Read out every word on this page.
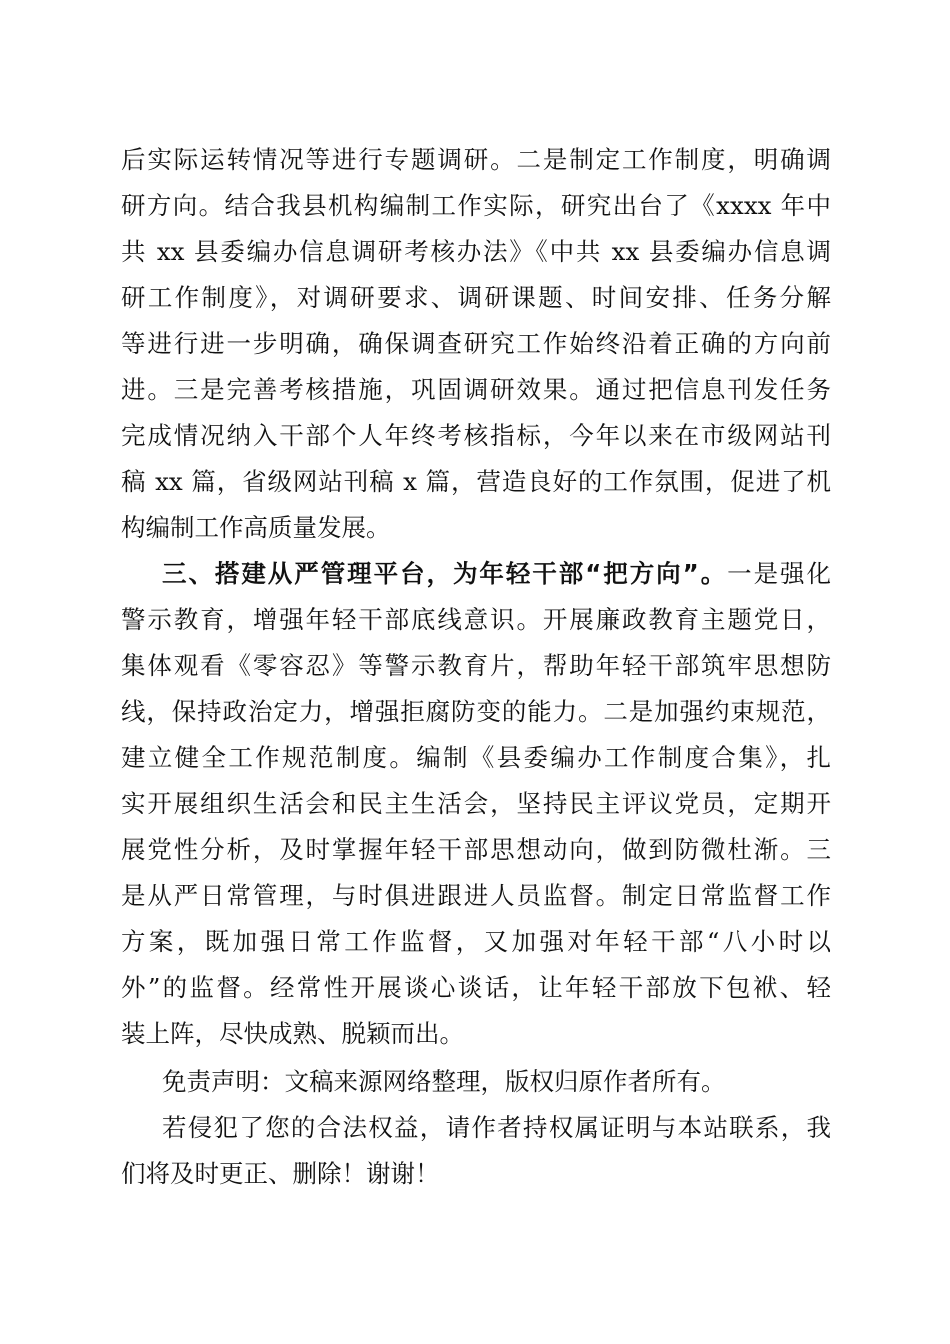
后实际运转情况等进行专题调研。二是制定工作制度，明确调
研方向。结合我县机构编制工作实际，研究出台了《xxxx 年中
共 xx 县委编办信息调研考核办法》《中共 xx 县委编办信息调
研工作制度》，对调研要求、调研课题、时间安排、任务分解
等进行进一步明确，确保调查研究工作始终沿着正确的方向前
进。三是完善考核措施，巩固调研效果。通过把信息刊发任务
完成情况纳入干部个人年终考核指标，今年以来在市级网站刊
稿 xx 篇，省级网站刊稿 x 篇，营造良好的工作氛围，促进了机
构编制工作高质量发展。
三、搭建从严管理平台，为年轻干部“把方向”。一是强化
警示教育，增强年轻干部底线意识。开展廉政教育主题党日，
集体观看《零容忍》等警示教育片，帮助年轻干部筑牢思想防
线，保持政治定力，增强拒腐防变的能力。二是加强约束规范，
建立健全工作规范制度。编制《县委编办工作制度合集》，扎
实开展组织生活会和民主生活会，坚持民主评议党员，定期开
展党性分析，及时掌握年轻干部思想动向，做到防微杜渐。三
是从严日常管理，与时俱进跟进人员监督。制定日常监督工作
方案，既加强日常工作监督，又加强对年轻干部“八小时以
外”的监督。经常性开展谈心谈话，让年轻干部放下包袱、轻
装上阵，尽快成熟、脱颖而出。
免责声明：文稿来源网络整理，版权归原作者所有。
若侵犯了您的合法权益，请作者持权属证明与本站联系，我
们将及时更正、删除！谢谢！
